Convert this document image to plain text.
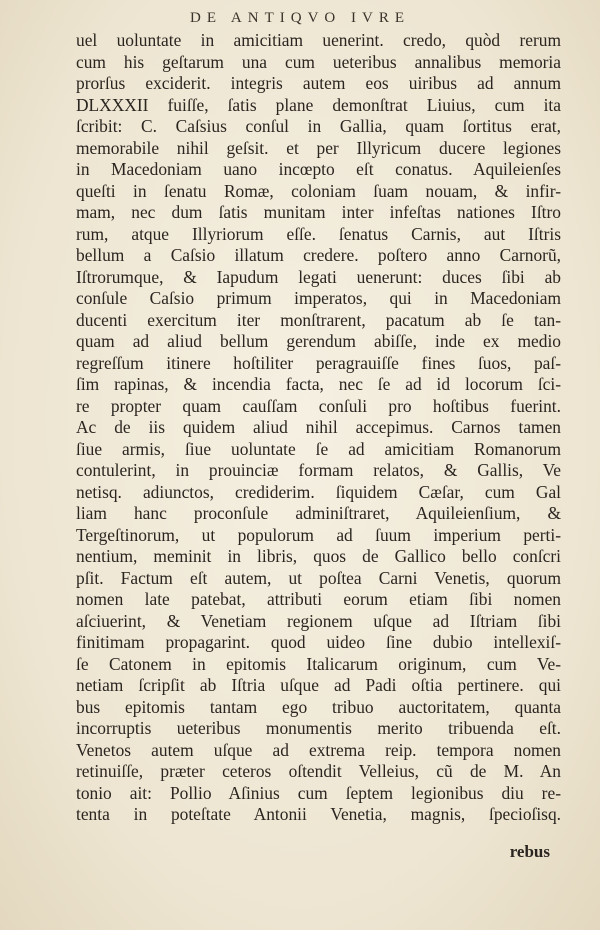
DE ANTIQVO IVRE
uel uoluntate in amicitiam uenerint. credo, quòd rerum
cum his geſtarum una cum ueteribus annalibus memoria
prorſus exciderit. integris autem eos uiribus ad annum
DLXXXII fuiſſe, ſatis plane demonſtrat Liuius, cum ita
ſcribit: C. Caſsius conſul in Gallia, quam ſortitus erat,
memorabile nihil geſsit. et per Illyricum ducere legiones
in Macedoniam uano incœpto eſt conatus. Aquileienſes
queſti in ſenatu Romæ, coloniam ſuam nouam, & infir-
mam, nec dum ſatis munitam inter infeſtas nationes Iſtro
rum, atque Illyriorum eſſe. ſenatus Carnis, aut Iſtris
bellum a Caſsio illatum credere. poſtero anno Carnorũ,
Iſtrorumque, & Iapudum legati uenerunt: duces ſibi ab
conſule Caſsio primum imperatos, qui in Macedoniam
ducenti exercitum iter monſtrarent, pacatum ab ſe tan-
quam ad aliud bellum gerendum abiſſe, inde ex medio
regreſſum itinere hoſtiliter peragrauiſſe fines ſuos, paſ-
ſim rapinas, & incendia facta, nec ſe ad id locorum ſci-
re propter quam cauſſam conſuli pro hoſtibus fuerint.
Ac de iis quidem aliud nihil accepimus. Carnos tamen
ſiue armis, ſiue uoluntate ſe ad amicitiam Romanorum
contulerint, in prouinciæ formam relatos, & Gallis, Ve
netisq. adiunctos, crediderim. ſiquidem Cæſar, cum Gal
liam hanc proconſule adminiſtraret, Aquileienſium, &
Tergeſtinorum, ut populorum ad ſuum imperium perti-
nentium, meminit in libris, quos de Gallico bello conſcri
pſit. Factum eſt autem, ut poſtea Carni Venetis, quorum
nomen late patebat, attributi eorum etiam ſibi nomen
aſciuerint, & Venetiam regionem uſque ad Iſtriam ſibi
finitimam propagarint. quod uideo ſine dubio intellexiſ-
ſe Catonem in epitomis Italicarum originum, cum Ve-
netiam ſcripſit ab Iſtria uſque ad Padi oſtia pertinere. qui
bus epitomis tantam ego tribuo auctoritatem, quanta
incorruptis ueteribus monumentis merito tribuenda eſt.
Venetos autem uſque ad extrema reip. tempora nomen
retinuiſſe, præter ceteros oſtendit Velleius, cũ de M. An
tonio ait: Pollio Aſinius cum ſeptem legionibus diu re-
tenta in poteſtate Antonii Venetia, magnis, ſpecioſisq.
rebus
